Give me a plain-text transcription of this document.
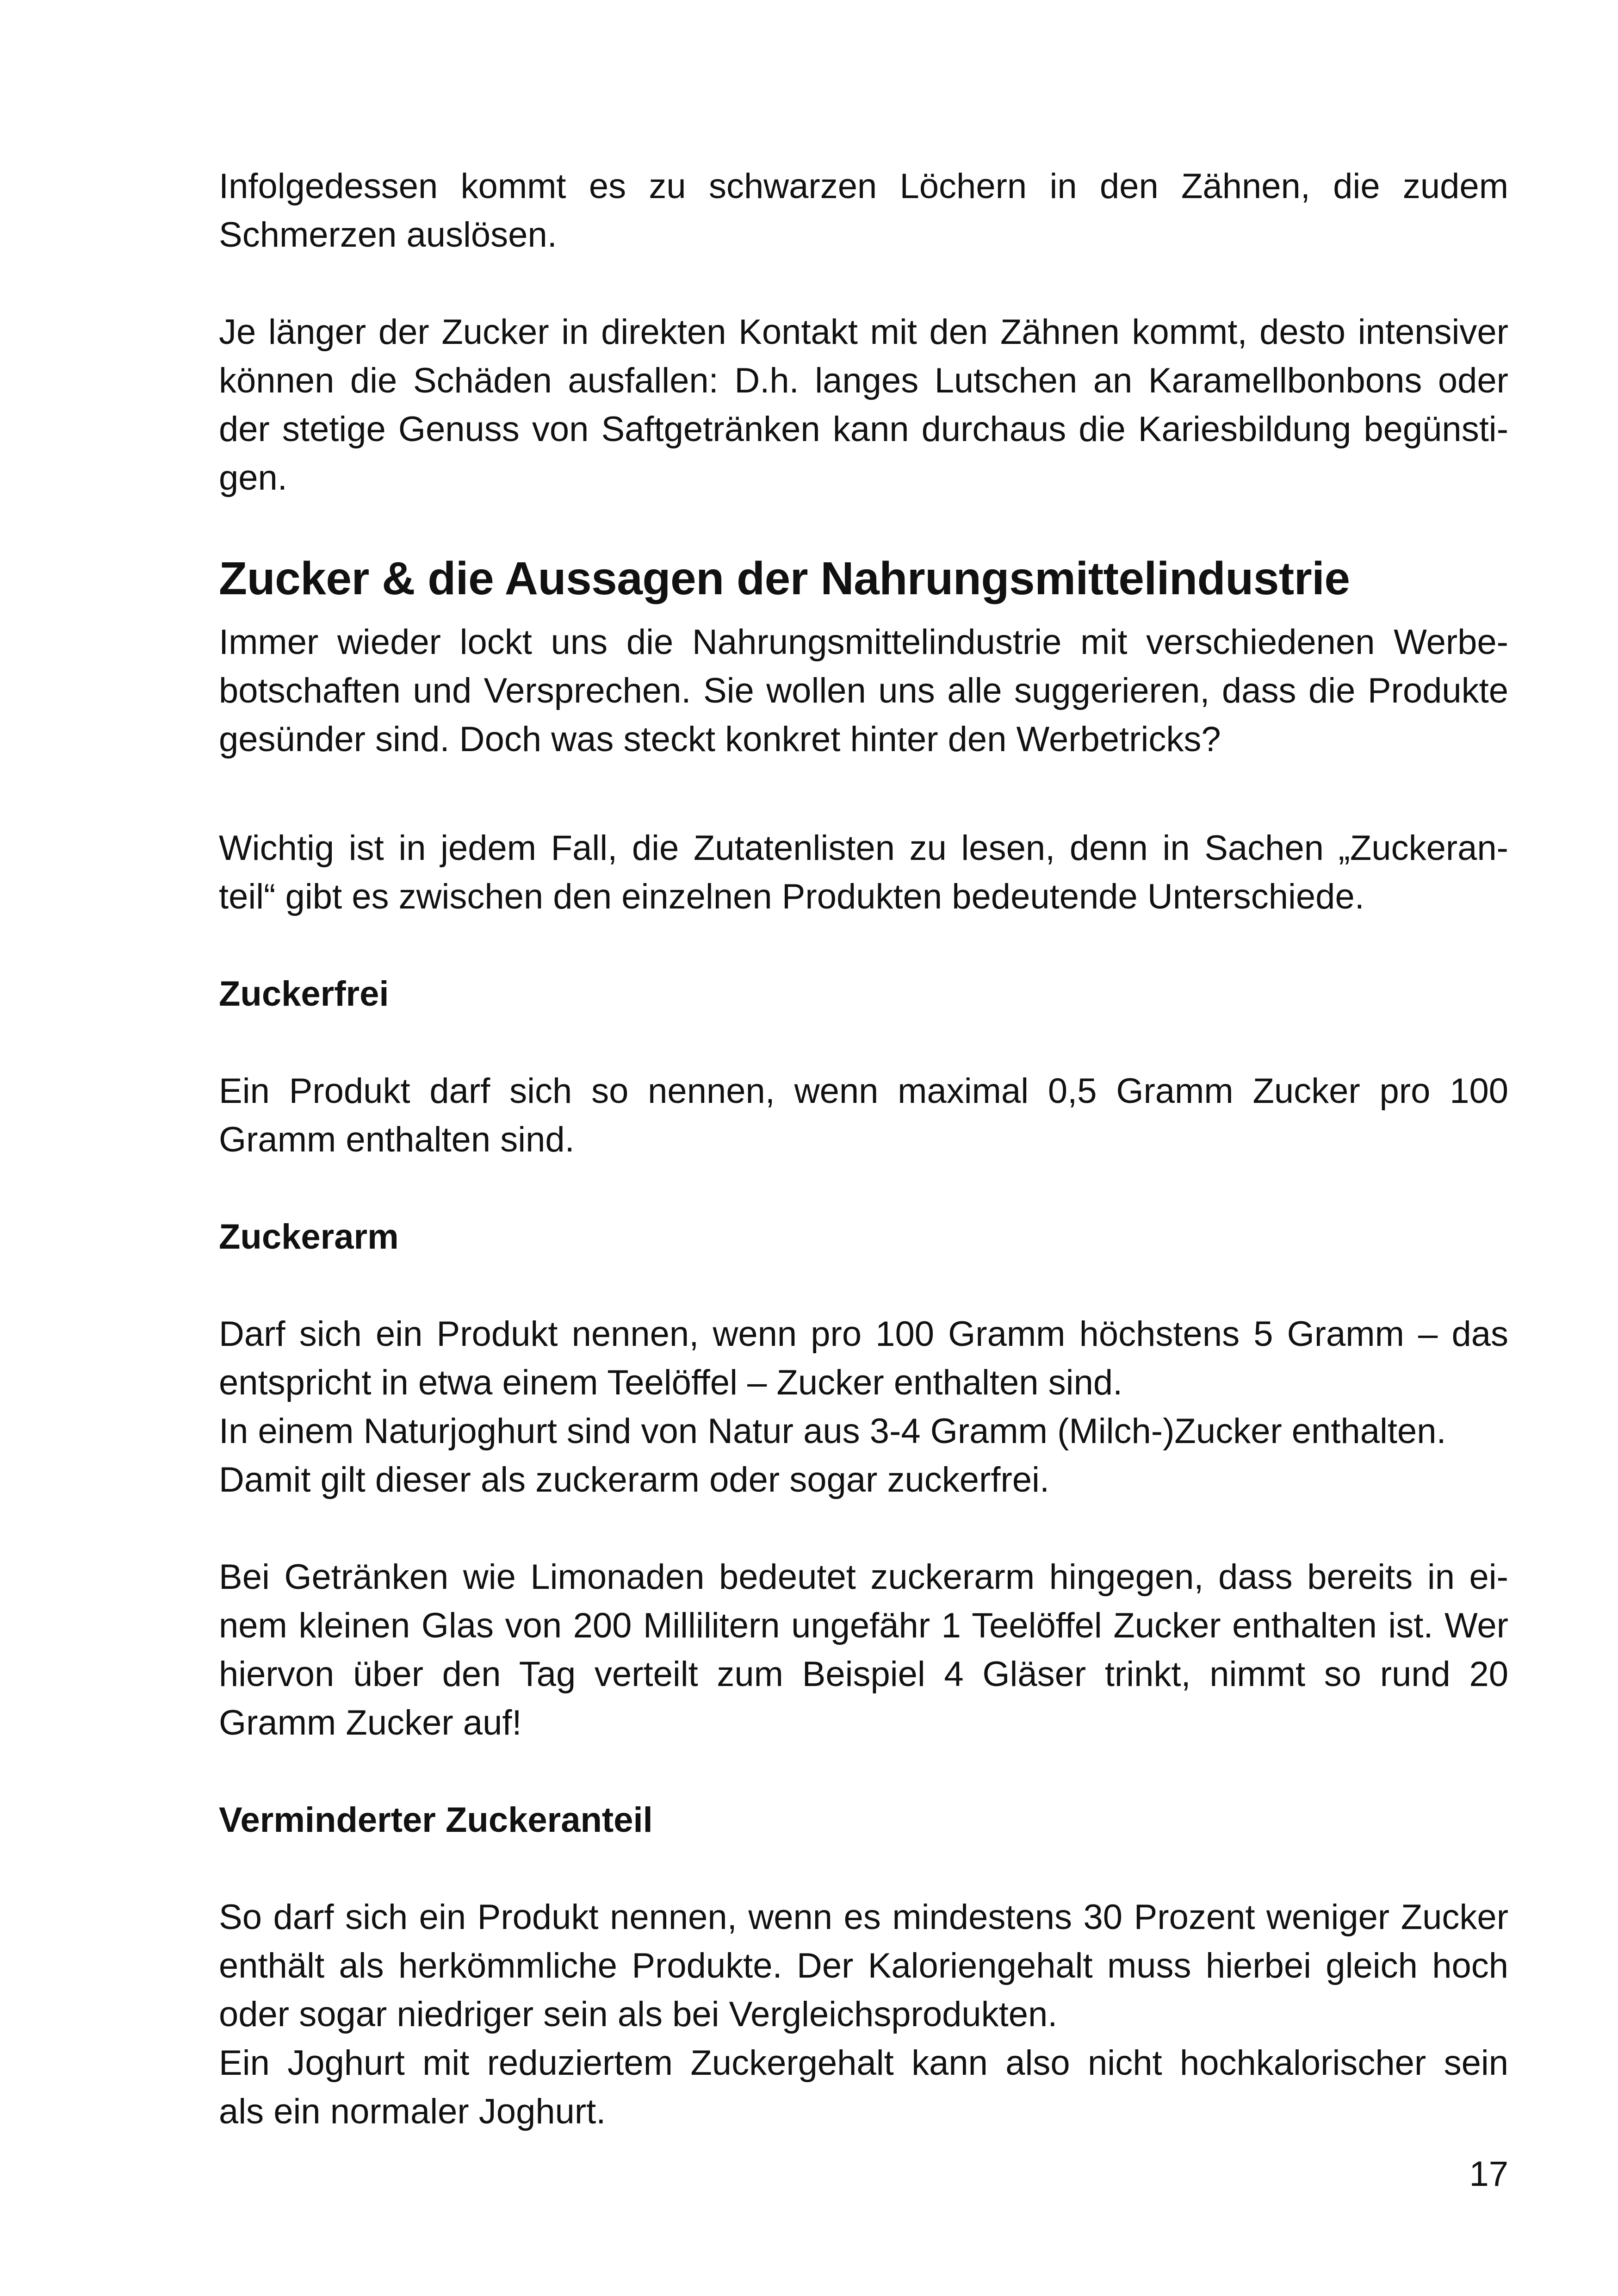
Infolgedessen kommt es zu schwarzen Löchern in den Zähnen, die zudem
Schmerzen auslösen.
Je länger der Zucker in direkten Kontakt mit den Zähnen kommt, desto intensiver
können die Schäden ausfallen: D.h. langes Lutschen an Karamellbonbons oder
der stetige Genuss von Saftgetränken kann durchaus die Kariesbildung begünsti-
gen.
Zucker & die Aussagen der Nahrungsmittelindustrie
Immer wieder lockt uns die Nahrungsmittelindustrie mit verschiedenen Werbe-
botschaften und Versprechen. Sie wollen uns alle suggerieren, dass die Produkte
gesünder sind. Doch was steckt konkret hinter den Werbetricks?
Wichtig ist in jedem Fall, die Zutatenlisten zu lesen, denn in Sachen „Zuckeran-
teil“ gibt es zwischen den einzelnen Produkten bedeutende Unterschiede.
Zuckerfrei
Ein Produkt darf sich so nennen, wenn maximal 0,5 Gramm Zucker pro 100
Gramm enthalten sind.
Zuckerarm
Darf sich ein Produkt nennen, wenn pro 100 Gramm höchstens 5 Gramm – das
entspricht in etwa einem Teelöffel – Zucker enthalten sind.
In einem Naturjoghurt sind von Natur aus 3-4 Gramm (Milch-)Zucker enthalten.
Damit gilt dieser als zuckerarm oder sogar zuckerfrei.
Bei Getränken wie Limonaden bedeutet zuckerarm hingegen, dass bereits in ei-
nem kleinen Glas von 200 Millilitern ungefähr 1 Teelöffel Zucker enthalten ist. Wer
hiervon über den Tag verteilt zum Beispiel 4 Gläser trinkt, nimmt so rund 20
Gramm Zucker auf!
Verminderter Zuckeranteil
So darf sich ein Produkt nennen, wenn es mindestens 30 Prozent weniger Zucker
enthält als herkömmliche Produkte. Der Kaloriengehalt muss hierbei gleich hoch
oder sogar niedriger sein als bei Vergleichsprodukten.
Ein Joghurt mit reduziertem Zuckergehalt kann also nicht hochkalorischer sein
als ein normaler Joghurt.
17
